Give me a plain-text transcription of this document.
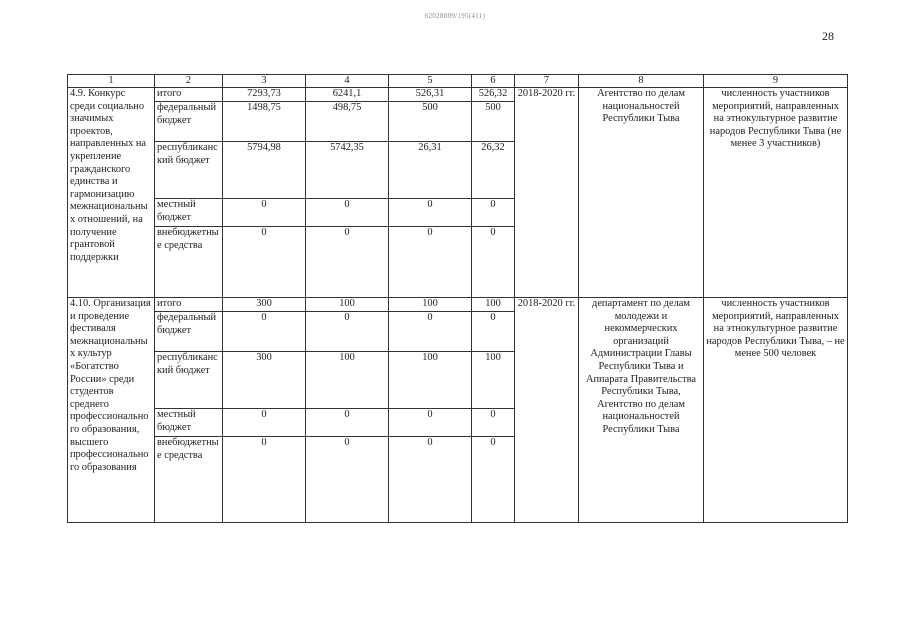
62028009/195(411)
28
1	2	3	4	5	6	7	8	9
4.9. Конкурс среди социально значимых проектов, направленных на укрепление гражданского единства и гармонизацию межнациональных отношений, на получение грантовой поддержки	итого	7293,73	6241,1	526,31	526,32	2018-2020 гг.	Агентство по делам национальностей Республики Тыва	численность участников мероприятий, направленных на этнокультурное развитие народов Республики Тыва (не менее 3 участников)
	федеральный бюджет	1498,75	498,75	500	500			
	республиканский бюджет	5794,98	5742,35	26,31	26,32			
	местный бюджет	0	0	0	0			
	внебюджетные средства	0	0	0	0			
4.10. Организация и проведение фестиваля межнациональных культур «Богатство России» среди студентов среднего профессионального образования, высшего профессионального образования	итого	300	100	100	100	2018-2020 гг.	департамент по делам молодежи и некоммерческих организаций Администрации Главы Республики Тыва и Аппарата Правительства Республики Тыва, Агентство по делам национальностей Республики Тыва	численность участников мероприятий, направленных на этнокультурное развитие народов Республики Тыва, – не менее 500 человек
	федеральный бюджет	0	0	0	0			
	республиканский бюджет	300	100	100	100			
	местный бюджет	0	0	0	0			
	внебюджетные средства	0	0	0	0			
